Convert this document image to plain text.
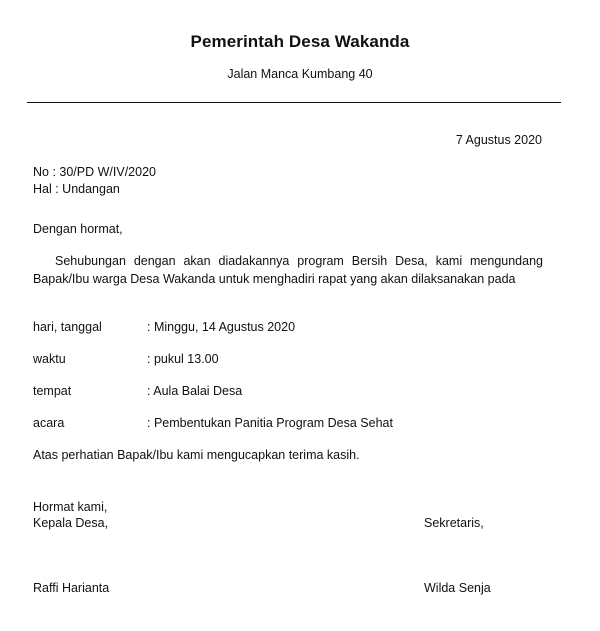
Pemerintah Desa Wakanda
Jalan Manca Kumbang 40
7 Agustus 2020
No : 30/PD W/IV/2020
Hal : Undangan
Dengan hormat,

Sehubungan dengan akan diadakannya program Bersih Desa, kami mengundang Bapak/Ibu warga Desa Wakanda untuk menghadiri rapat yang akan dilaksanakan pada

hari, tanggal	: Minggu, 14 Agustus 2020
waktu	: pukul 13.00
tempat	: Aula Balai Desa
acara	: Pembentukan Panitia Program Desa Sehat
Atas perhatian Bapak/Ibu kami mengucapkan terima kasih.
Hormat kami,
Kepala Desa,	Sekretaris,
Raffi Harianta	Wilda Senja
